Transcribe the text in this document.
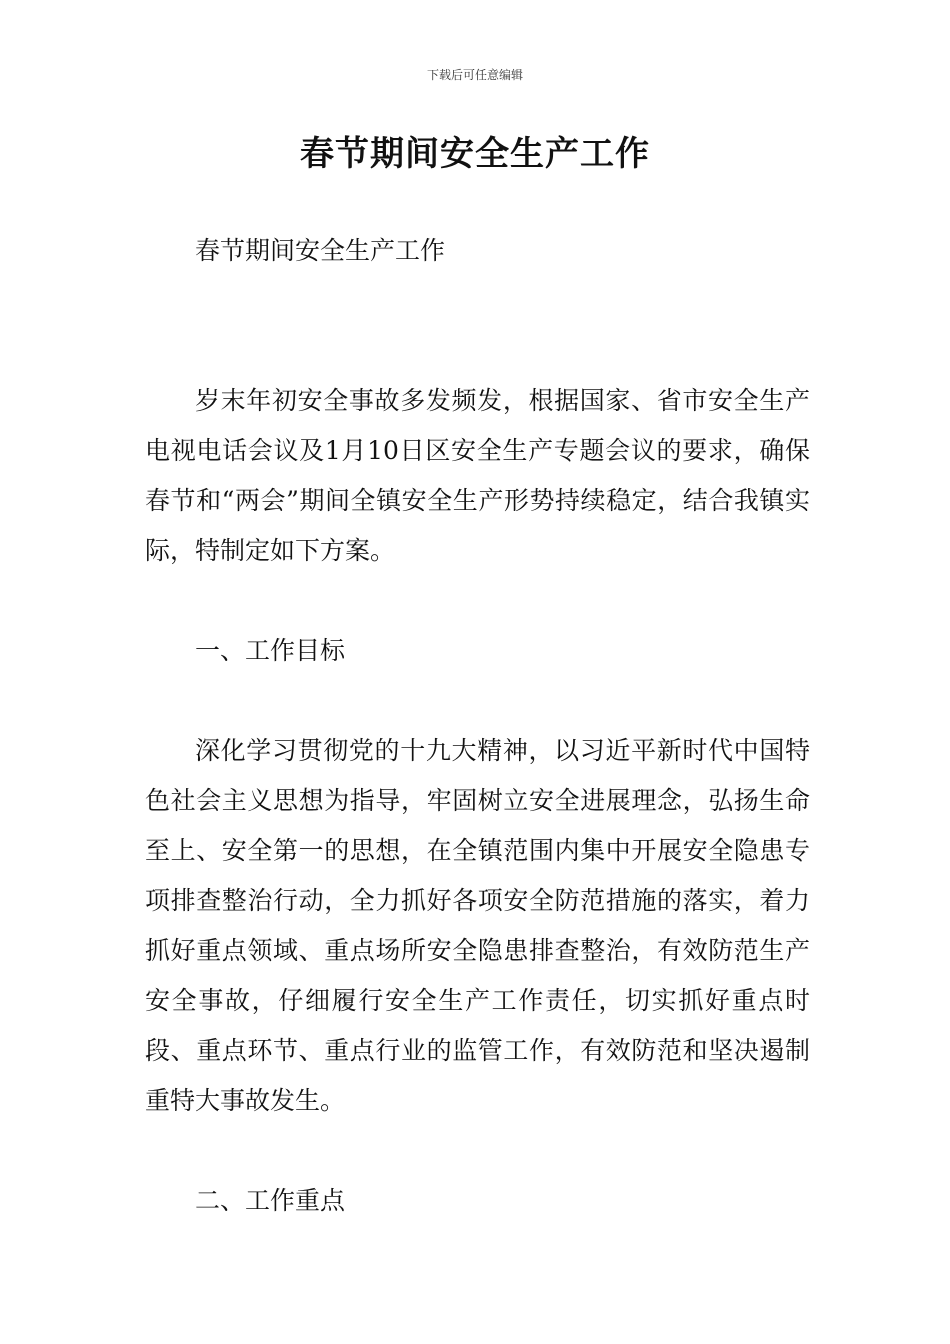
下载后可任意编辑
春节期间安全生产工作

春节期间安全生产工作

岁末年初安全事故多发频发，根据国家、省市安全生产电视电话会议及1月10日区安全生产专题会议的要求，确保春节和“两会”期间全镇安全生产形势持续稳定，结合我镇实际，特制定如下方案。

一、工作目标

深化学习贯彻党的十九大精神，以习近平新时代中国特色社会主义思想为指导，牢固树立安全进展理念，弘扬生命至上、安全第一的思想，在全镇范围内集中开展安全隐患专项排查整治行动，全力抓好各项安全防范措施的落实，着力抓好重点领域、重点场所安全隐患排查整治，有效防范生产安全事故，仔细履行安全生产工作责任，切实抓好重点时段、重点环节、重点行业的监管工作，有效防范和坚决遏制重特大事故发生。

二、工作重点
